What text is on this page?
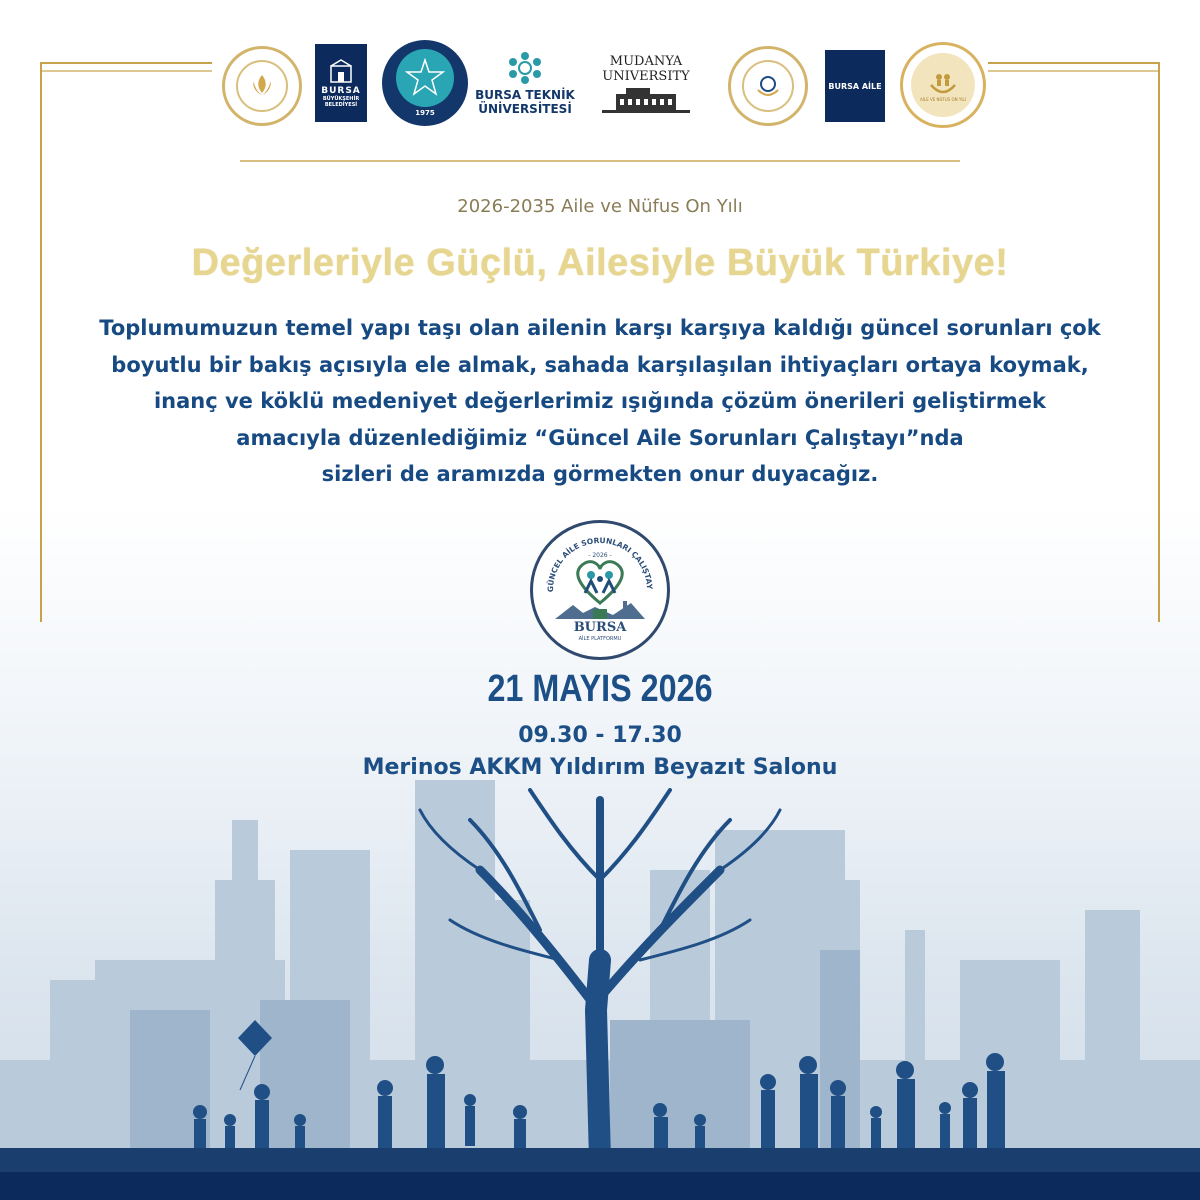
BURSA
BÜYÜKŞEHİR
BELEDİYESİ
1975
BURSA TEKNİK
ÜNİVERSİTESİ
MUDANYA
UNIVERSITY
BURSA AİLE
AİLE VE NÜFUS ON YILI
2026-2035 Aile ve Nüfus On Yılı
Değerleriyle Güçlü, Ailesiyle Büyük Türkiye!
Toplumumuzun temel yapı taşı olan ailenin karşı karşıya kaldığı güncel sorunları çok
boyutlu bir bakış açısıyla ele almak, sahada karşılaşılan ihtiyaçları ortaya koymak,
inanç ve köklü medeniyet değerlerimiz ışığında çözüm önerileri geliştirmek
amacıyla düzenlediğimiz “Güncel Aile Sorunları Çalıştayı”nda
sizleri de aramızda görmekten onur duyacağız.
GÜNCEL AİLE SORUNLARI ÇALIŞTAY
- 2026 -
BURSA
AİLE PLATFORMU
21 MAYIS 2026
09.30 - 17.30
Merinos AKKM Yıldırım Beyazıt Salonu
